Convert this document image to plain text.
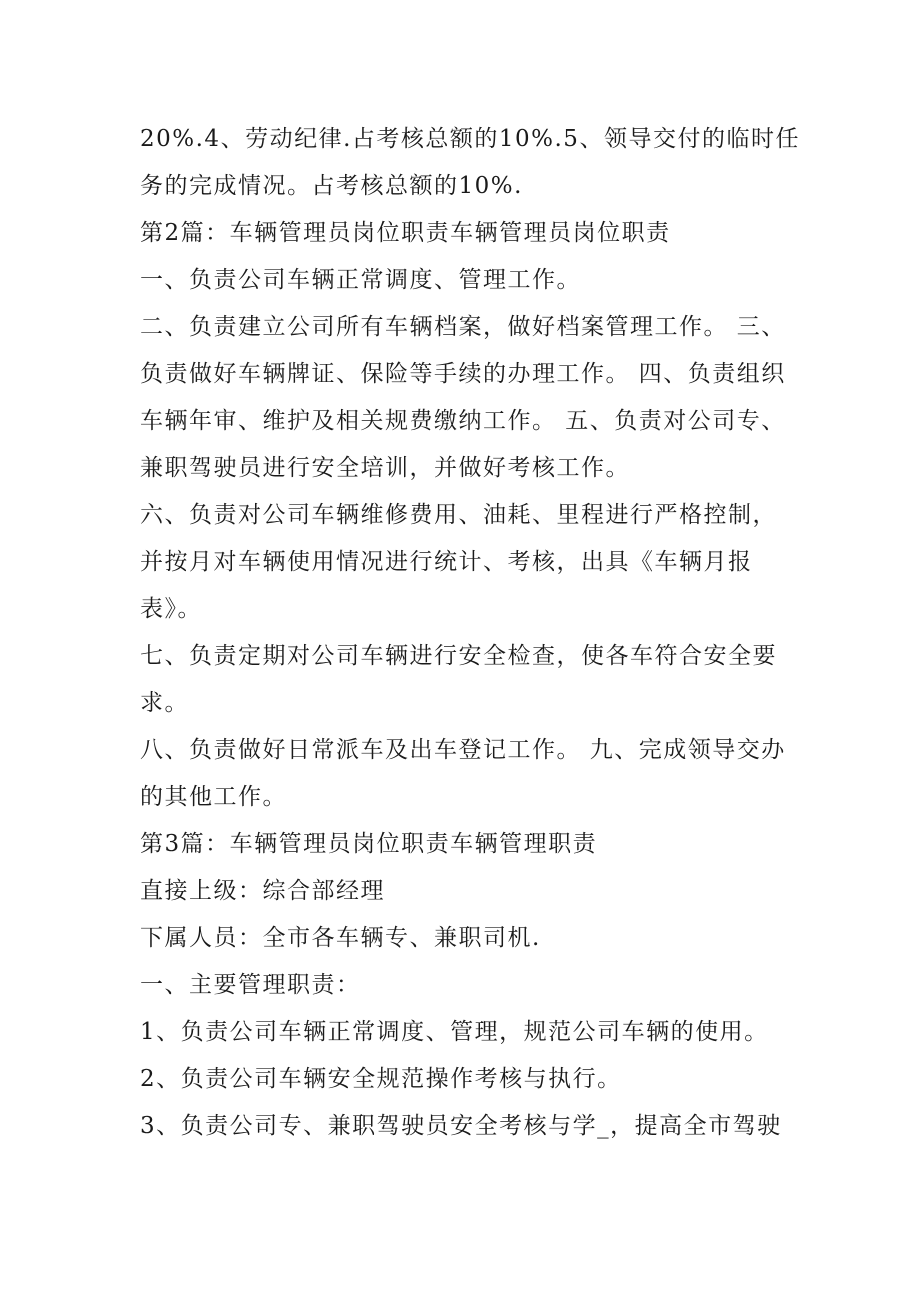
20%.4、劳动纪律.占考核总额的10%.5、领导交付的临时任务的完成情况。占考核总额的10%.

第2篇：车辆管理员岗位职责车辆管理员岗位职责

一、负责公司车辆正常调度、管理工作。

二、负责建立公司所有车辆档案，做好档案管理工作。 三、负责做好车辆牌证、保险等手续的办理工作。 四、负责组织车辆年审、维护及相关规费缴纳工作。 五、负责对公司专、兼职驾驶员进行安全培训，并做好考核工作。

六、负责对公司车辆维修费用、油耗、里程进行严格控制，并按月对车辆使用情况进行统计、考核，出具《车辆月报表》。

七、负责定期对公司车辆进行安全检查，使各车符合安全要求。

八、负责做好日常派车及出车登记工作。 九、完成领导交办的其他工作。

第3篇：车辆管理员岗位职责车辆管理职责

直接上级：综合部经理

下属人员：全市各车辆专、兼职司机.

一、主要管理职责：

1、负责公司车辆正常调度、管理，规范公司车辆的使用。

2、负责公司车辆安全规范操作考核与执行。

3、负责公司专、兼职驾驶员安全考核与学_，提高全市驾驶
